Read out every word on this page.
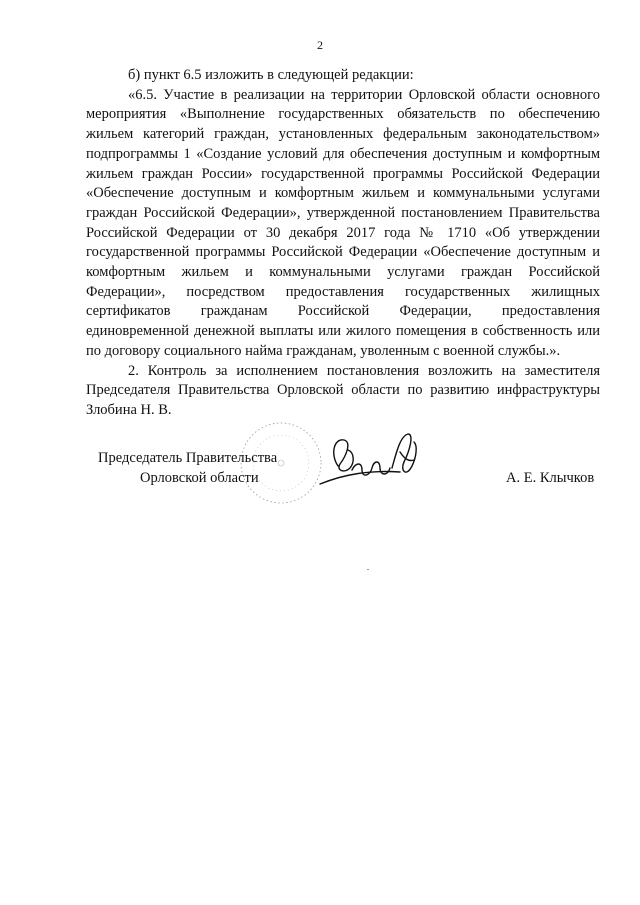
2

б) пункт 6.5 изложить в следующей редакции:

«6.5. Участие в реализации на территории Орловской области основного мероприятия «Выполнение государственных обязательств по обеспечению жильем категорий граждан, установленных федеральным законодательством» подпрограммы 1 «Создание условий для обеспечения доступным и комфортным жильем граждан России» государственной программы Российской Федерации «Обеспечение доступным и комфортным жильем и коммунальными услугами граждан Российской Федерации», утвержденной постановлением Правительства Российской Федерации от 30 декабря 2017 года № 1710 «Об утверждении государственной программы Российской Федерации «Обеспечение доступным и комфортным жильем и коммунальными услугами граждан Российской Федерации», посредством предоставления государственных жилищных сертификатов гражданам Российской Федерации, предоставления единовременной денежной выплаты или жилого помещения в собственность или по договору социального найма гражданам, уволенным с военной службы.».

2. Контроль за исполнением постановления возложить на заместителя Председателя Правительства Орловской области по развитию инфраструктуры Злобина Н. В.

Председатель Правительства
Орловской области	А. Е. Клычков
